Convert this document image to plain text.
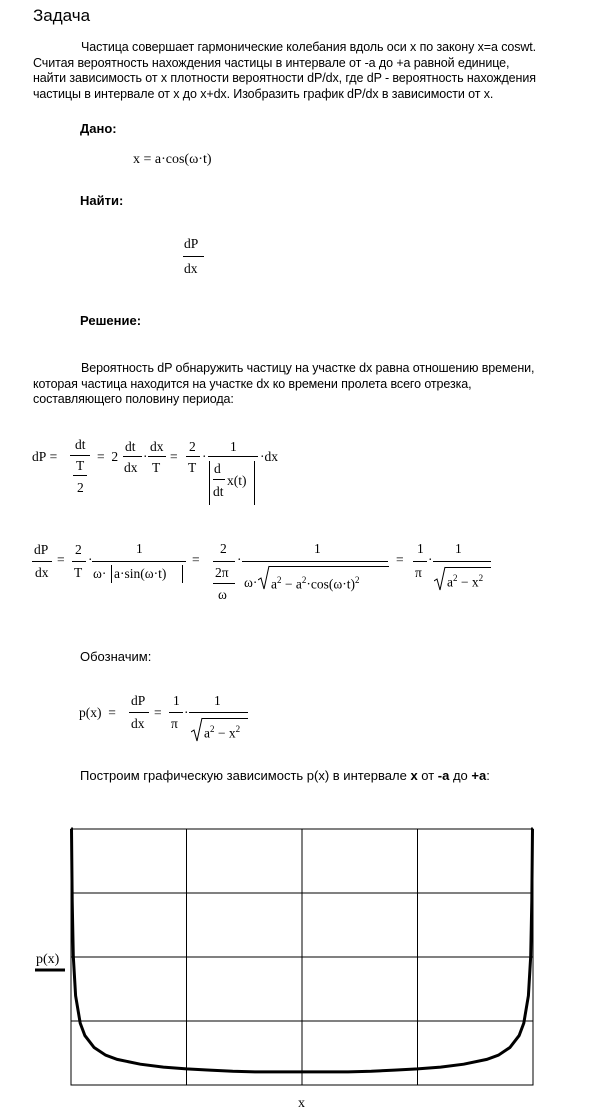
Задача
Частица совершает гармонические колебания вдоль оси x по закону x=a coswt.
Считая вероятность нахождения частицы в интервале от -a до +a равной единице,
найти зависимость от x плотности вероятности dP/dx, где dP - вероятность нахождения
частицы в интервале от x до x+dx. Изобразить график dP/dx в зависимости от x.
Дано:
x = a·cos(ω·t)
Найти:
dP
dx
Решение:
Вероятность dP обнаружить частицу на участке dx равна отношению времени,
которая частица находится на участке dx ко времени пролета всего отрезка,
составляющего половину периода:
dP =
dt
T
2
=  2
dt
dx
·
dx
T
=
2
T
·
1
d
dt
x(t)
·dx
dP
dx
=
2
T
·
1
ω· a·sin(ω·t)
=
2
2π
ω
·
1
$\omega\cdot a^2 - a^2\cdot\cos(\omega\cdot t)^2$
=
1
π
·
1
$a^2 - x^2$
Обозначим:
p(x)  =
dP
dx
=
1
π
·
1
$a^2 - x^2$
Построим графическую зависимость p(x) в интервале x от -a до +a:
p(x)
x
